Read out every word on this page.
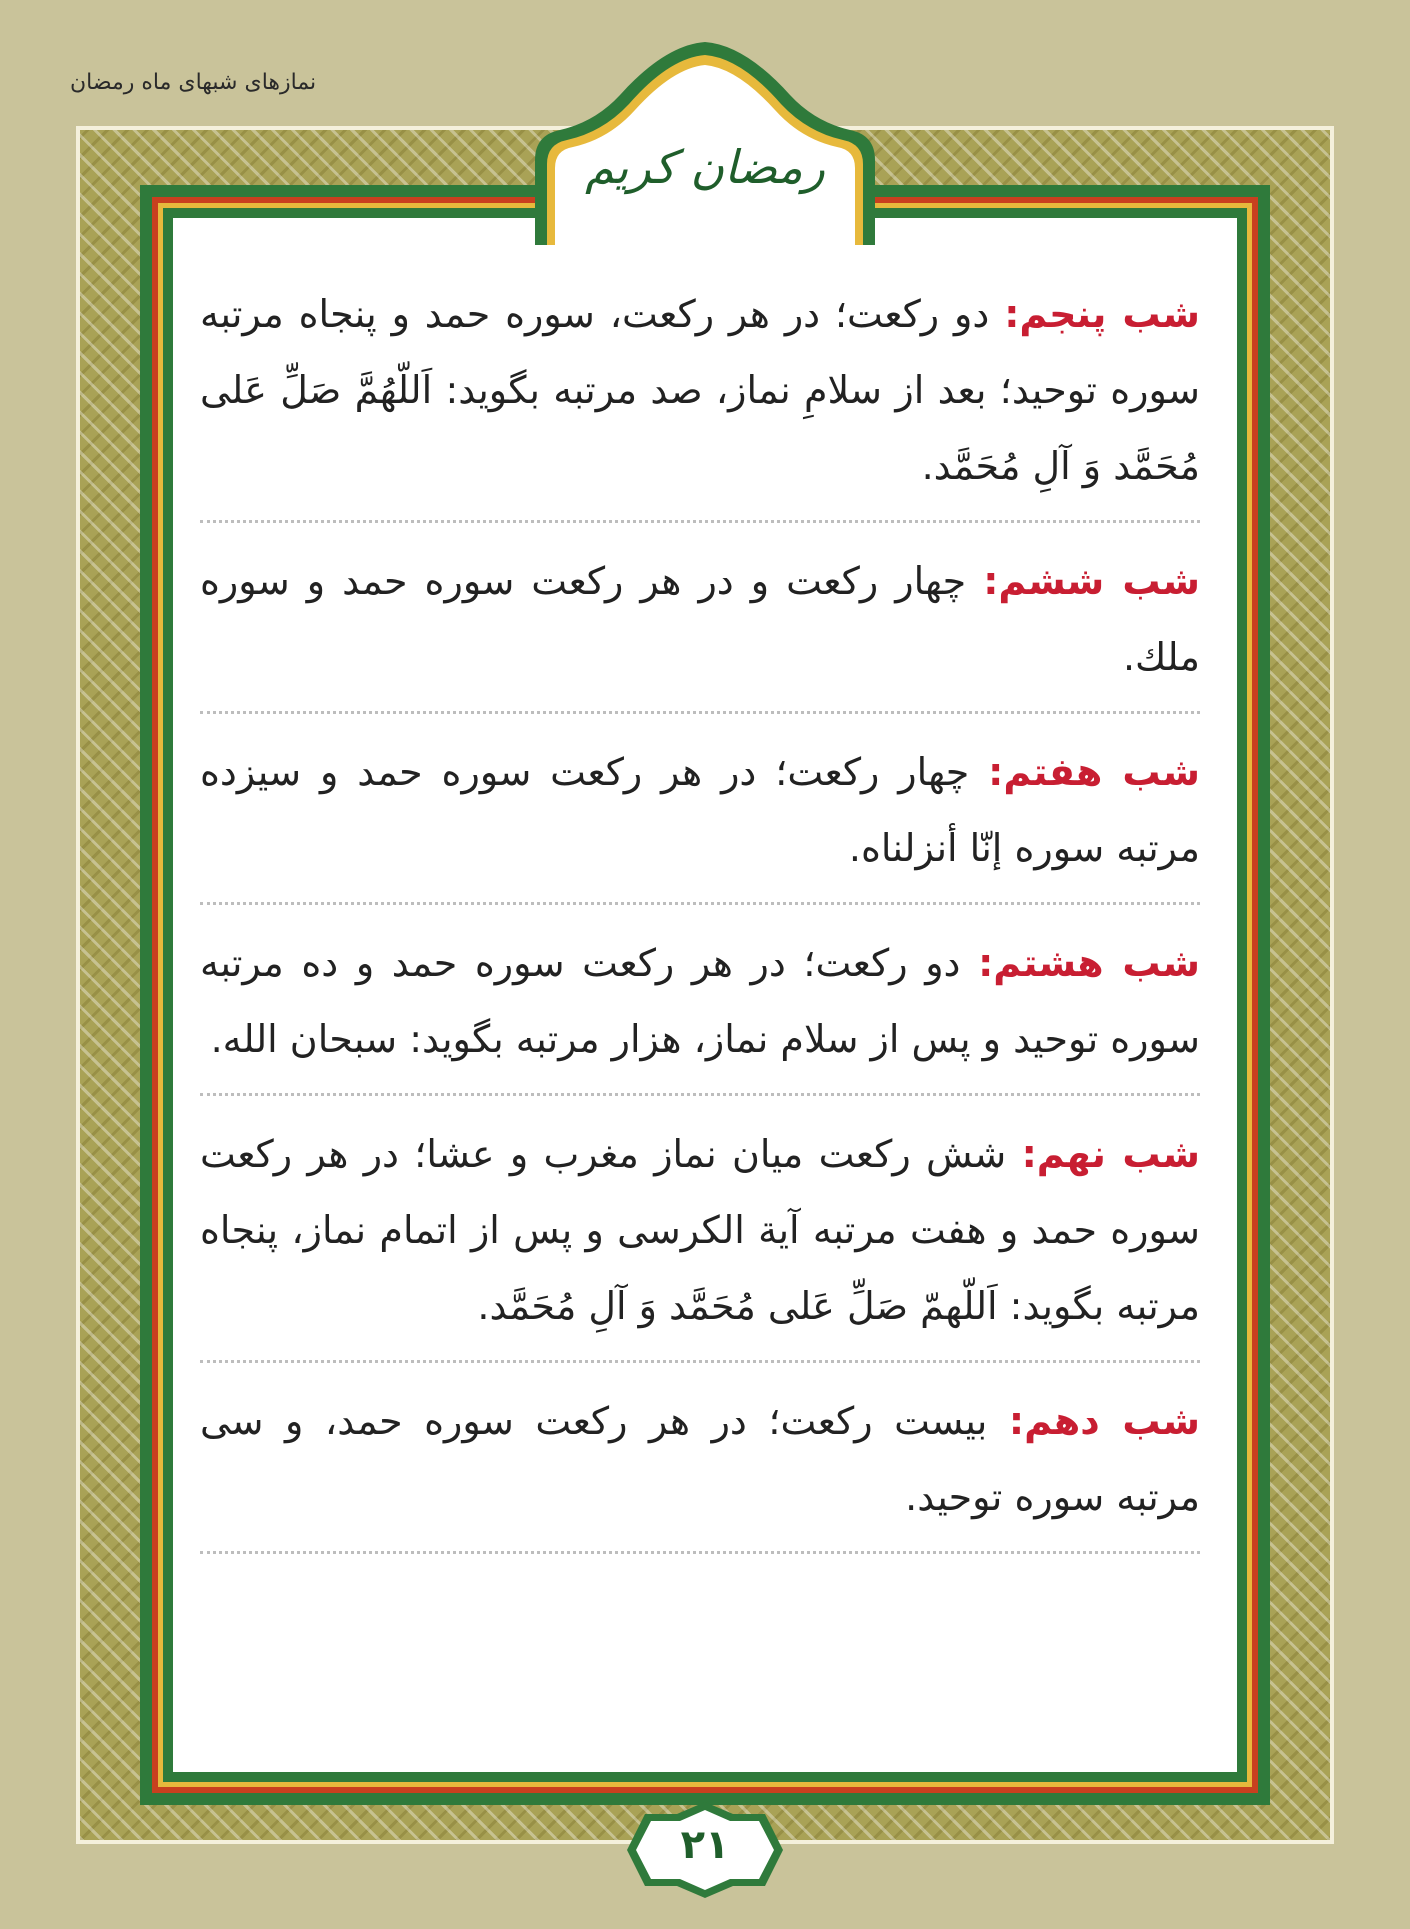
نمازهای شبهای ماه رمضان
رمضان کریم
شب پنجم: دو رکعت؛ در هر رکعت، سوره حمد و پنجاه مرتبه سوره توحید؛ بعد از سلامِ نماز، صد مرتبه بگوید: اَللّهُمَّ صَلِّ عَلی مُحَمَّد وَ آلِ مُحَمَّد.
شب ششم: چهار رکعت و در هر رکعت سوره حمد و سوره ملك.
شب هفتم: چهار رکعت؛ در هر رکعت سوره حمد و سیزده مرتبه سوره إنّا أنزلناه.
شب هشتم: دو رکعت؛ در هر رکعت سوره حمد و ده مرتبه سوره توحید و پس از سلام نماز، هزار مرتبه بگوید: سبحان الله.
شب نهم: شش رکعت میان نماز مغرب و عشا؛ در هر رکعت سوره حمد و هفت مرتبه آیة الکرسی و پس از اتمام نماز، پنجاه مرتبه بگوید: اَللّهمّ صَلِّ عَلی مُحَمَّد وَ آلِ مُحَمَّد.
شب دهم: بیست رکعت؛ در هر رکعت سوره حمد، و سی مرتبه سوره توحید.
۲۱
